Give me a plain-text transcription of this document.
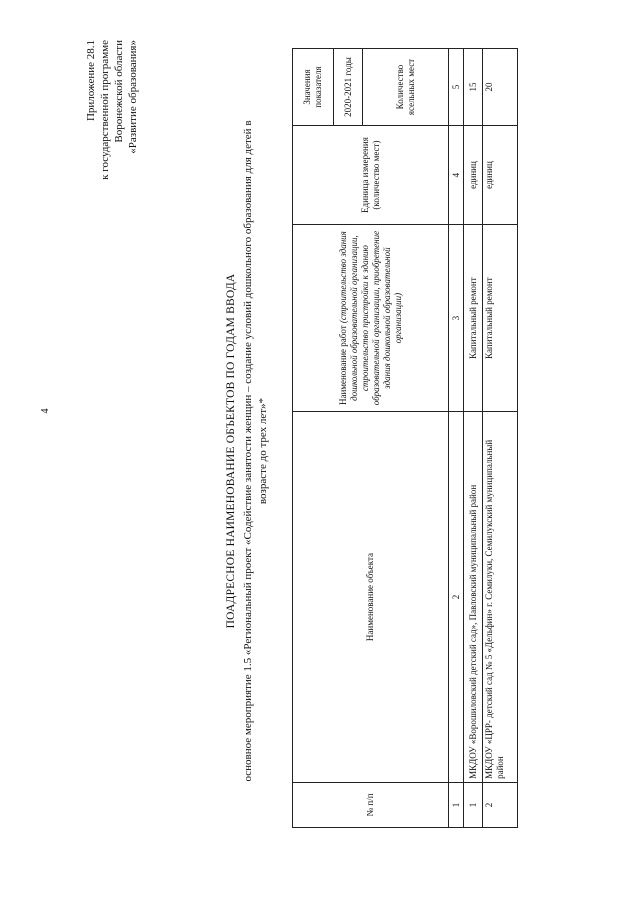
4
Приложение 28.1 к государственной программе Воронежской области «Развитие образования»
ПОАДРЕСНОЕ НАИМЕНОВАНИЕ ОБЪЕКТОВ ПО ГОДАМ ВВОДА основное мероприятие 1.5 «Региональный проект «Содействие занятости женщин – создание условий дошкольного образования для детей в возрасте до трех лет»*
№ п/п	Наименование объекта	Наименование работ (строительство здания дошкольной образовательной организации, строительство пристройки к зданию образовательной организации, приобретение здания дошкольной образовательной организации)	Единица измерения (количество мест)	Значения показателя
				2020-2021 годы
				Количество ясельных мест
1	2	3	4	5
1	МКДОУ «Ворошиловский детский сад», Павловский муниципальный район	Капитальный ремонт	единиц	15
2	МКДОУ «ЦРР- детский сад № 5 «Дельфин» г. Семилуки, Семилукский муниципальный район	Капитальный ремонт	единиц	20
